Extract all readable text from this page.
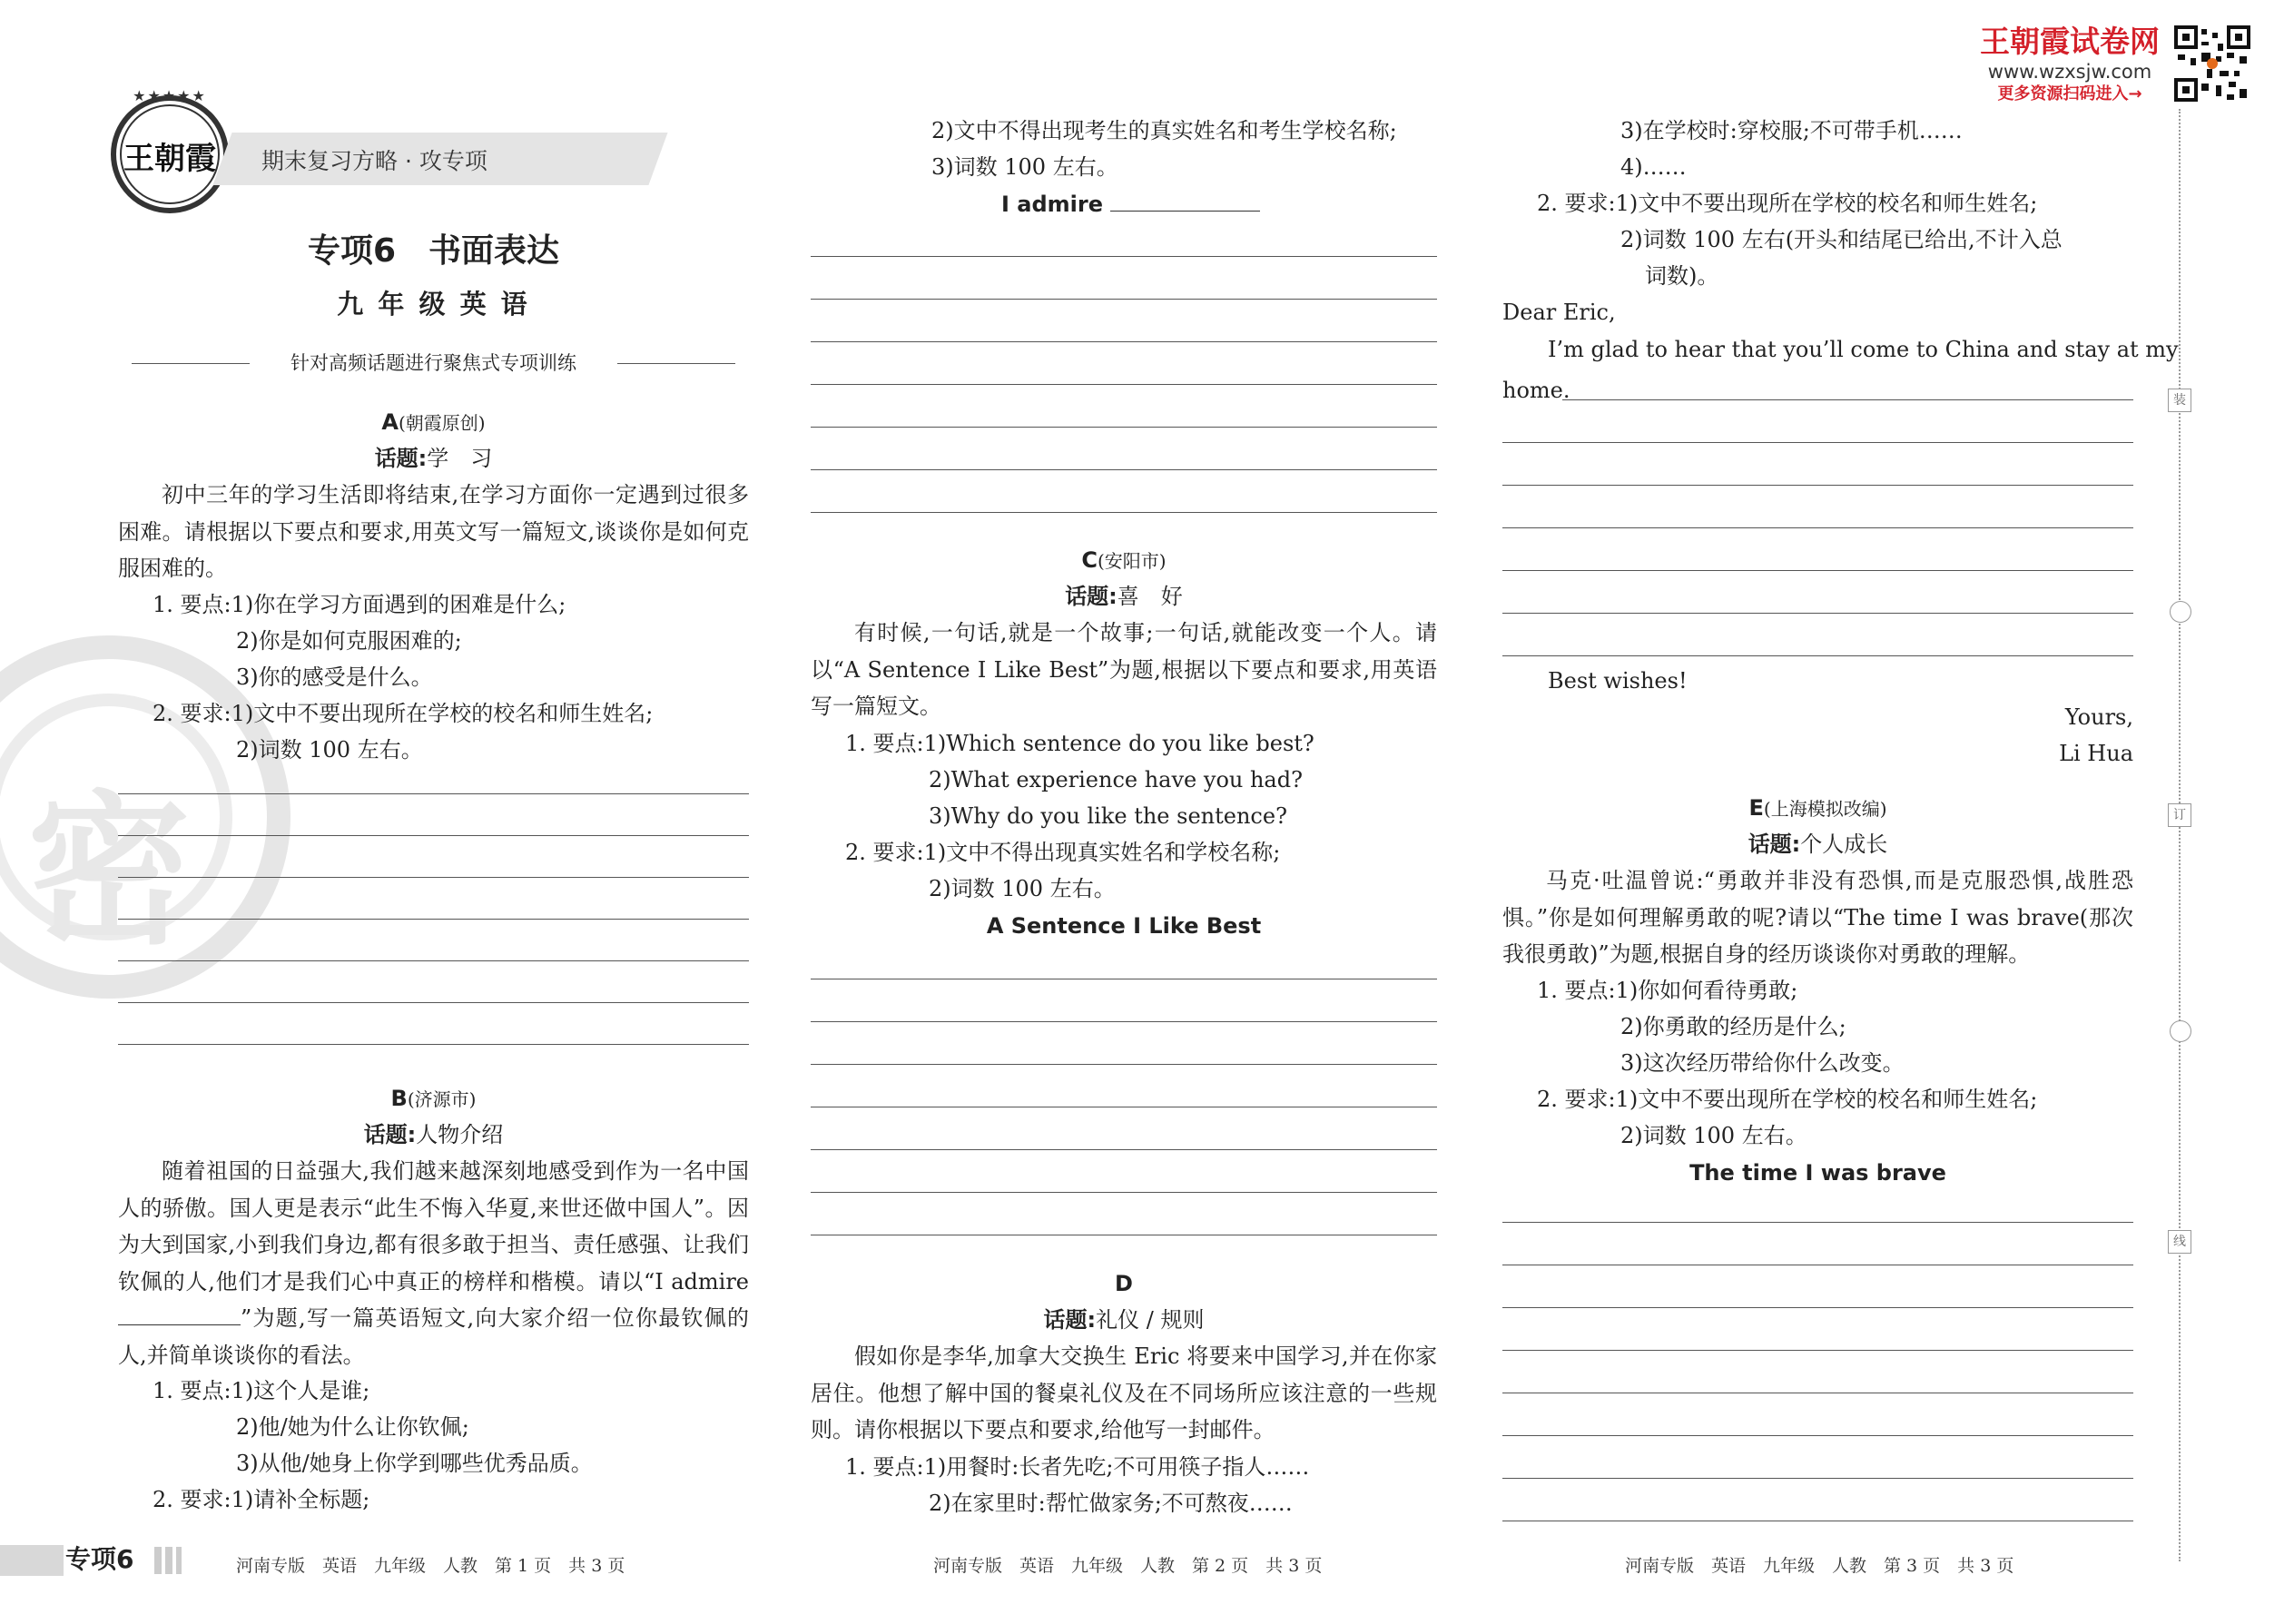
密
王朝霞试卷网
www.wzxsjw.com
更多资源扫码进入→
装
订
线
王朝霞
★★★★★
期末复习方略 · 攻专项
专项6　书面表达
九 年 级 英 语
针对高频话题进行聚焦式专项训练
A(朝霞原创)
话题:学　习
初中三年的学习生活即将结束,在学习方面你一定遇到过很多困难。请根据以下要点和要求,用英文写一篇短文,谈谈你是如何克服困难的。
1. 要点:1)你在学习方面遇到的困难是什么;
2)你是如何克服困难的;
3)你的感受是什么。
2. 要求:1)文中不要出现所在学校的校名和师生姓名;
2)词数 100 左右。
B(济源市)
话题:人物介绍
随着祖国的日益强大,我们越来越深刻地感受到作为一名中国人的骄傲。国人更是表示“此生不悔入华夏,来世还做中国人”。因为大到国家,小到我们身边,都有很多敢于担当、责任感强、让我们钦佩的人,他们才是我们心中真正的榜样和楷模。请以“I admire”为题,写一篇英语短文,向大家介绍一位你最钦佩的人,并简单谈谈你的看法。
1. 要点:1)这个人是谁;
2)他/她为什么让你钦佩;
3)从他/她身上你学到哪些优秀品质。
2. 要求:1)请补全标题;
河南专版　英语　九年级　人教　第 1 页　共 3 页
专项6
2)文中不得出现考生的真实姓名和考生学校名称;
3)词数 100 左右。
I admire
C(安阳市)
话题:喜　好
有时候,一句话,就是一个故事;一句话,就能改变一个人。请以“A Sentence I Like Best”为题,根据以下要点和要求,用英语写一篇短文。
1. 要点:1)Which sentence do you like best?
2)What experience have you had?
3)Why do you like the sentence?
2. 要求:1)文中不得出现真实姓名和学校名称;
2)词数 100 左右。
A Sentence I Like Best
D
话题:礼仪 / 规则
假如你是李华,加拿大交换生 Eric 将要来中国学习,并在你家居住。他想了解中国的餐桌礼仪及在不同场所应该注意的一些规则。请你根据以下要点和要求,给他写一封邮件。
1. 要点:1)用餐时:长者先吃;不可用筷子指人……
2)在家里时:帮忙做家务;不可熬夜……
河南专版　英语　九年级　人教　第 2 页　共 3 页
3)在学校时:穿校服;不可带手机……
4)……
2. 要求:1)文中不要出现所在学校的校名和师生姓名;
2)词数 100 左右(开头和结尾已给出,不计入总
词数)。
Dear Eric,
I’m glad to hear that you’ll come to China and stay at my
home.
Best wishes!
Yours,
Li Hua
E(上海模拟改编)
话题:个人成长
马克·吐温曾说:“勇敢并非没有恐惧,而是克服恐惧,战胜恐惧。”你是如何理解勇敢的呢?请以“The time I was brave(那次我很勇敢)”为题,根据自身的经历谈谈你对勇敢的理解。
1. 要点:1)你如何看待勇敢;
2)你勇敢的经历是什么;
3)这次经历带给你什么改变。
2. 要求:1)文中不要出现所在学校的校名和师生姓名;
2)词数 100 左右。
The time I was brave
河南专版　英语　九年级　人教　第 3 页　共 3 页
